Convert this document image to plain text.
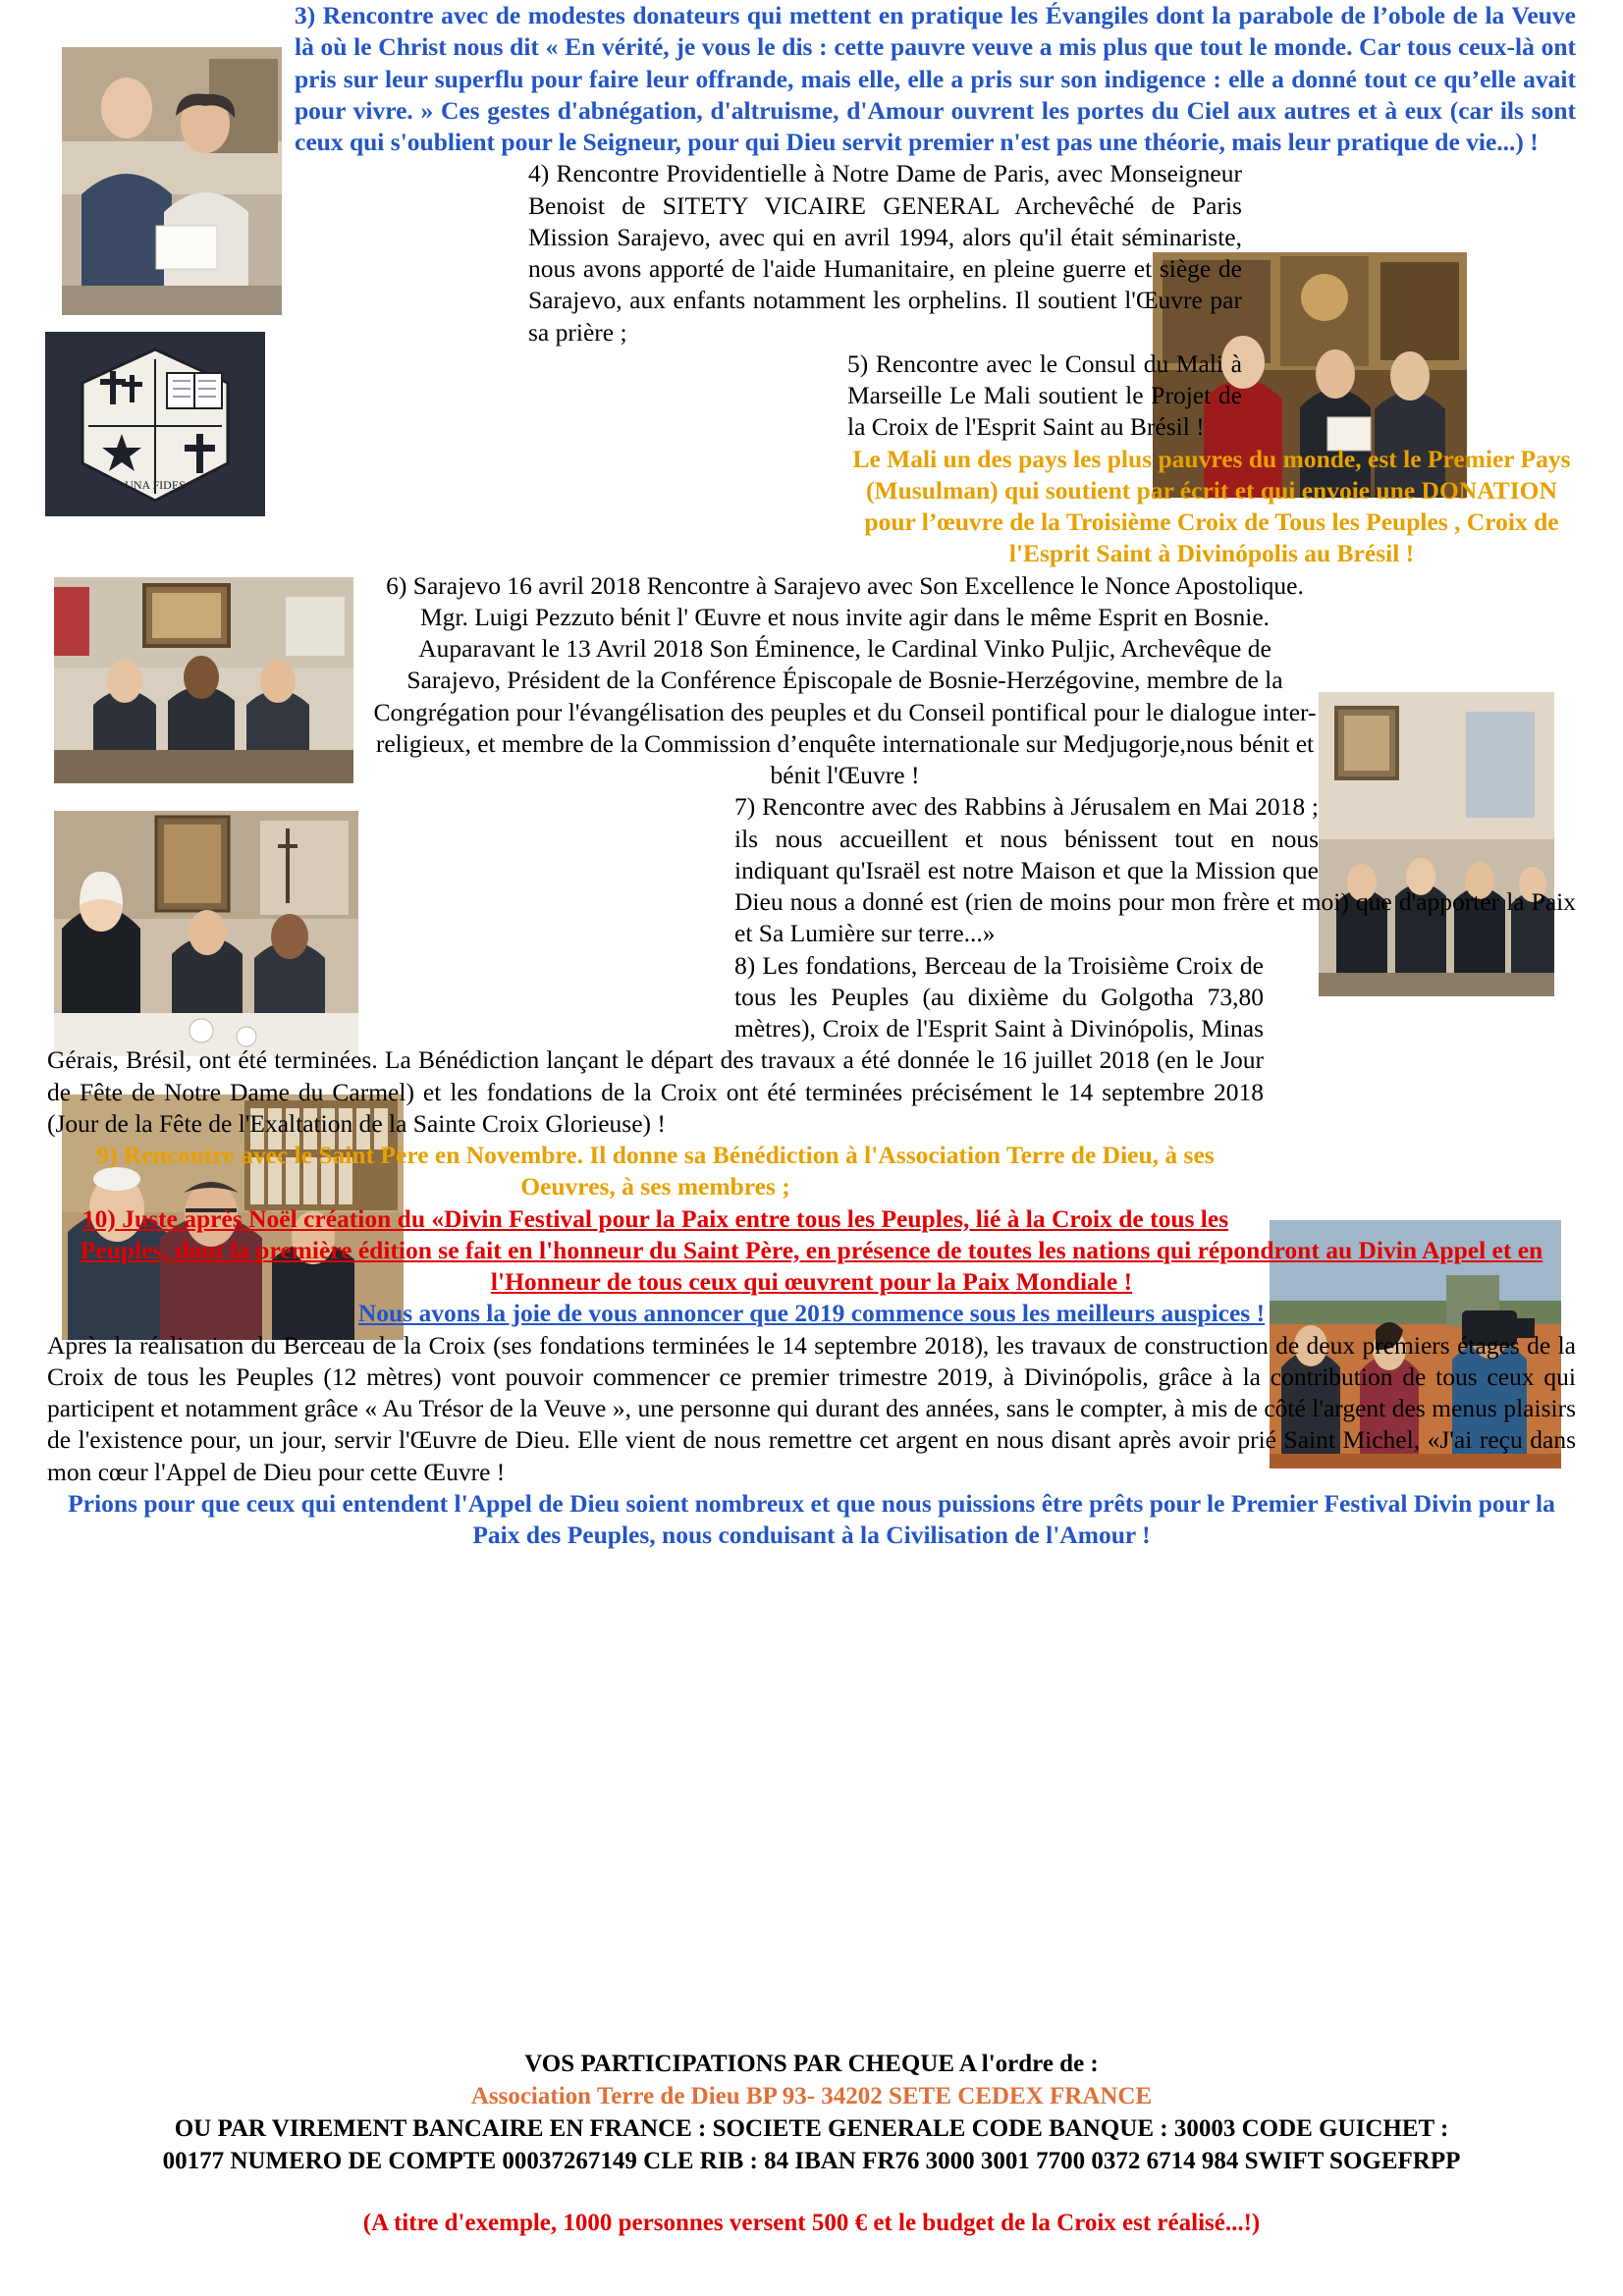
UNA FIDES

3) Rencontre avec de modestes donateurs qui mettent en pratique les Évangiles dont la parabole de l’obole de la Veuve là où le Christ nous dit « En vérité, je vous le dis : cette pauvre veuve a mis plus que tout le monde. Car tous ceux-là ont pris sur leur superflu pour faire leur offrande, mais elle, elle a pris sur son indigence : elle a donné tout ce qu’elle avait pour vivre. » Ces gestes d'abnégation, d'altruisme, d'Amour ouvrent les portes du Ciel aux autres et à eux (car ils sont ceux qui s'oublient pour le Seigneur, pour qui Dieu servit premier n'est pas une théorie, mais leur pratique de vie...) !

4) Rencontre Providentielle à Notre Dame de Paris, avec Monseigneur Benoist de SITETY VICAIRE GENERAL Archevêché de Paris Mission Sarajevo, avec qui en avril 1994, alors qu'il était séminariste, nous avons apporté de l'aide Humanitaire, en pleine guerre et siège de Sarajevo, aux enfants notamment les orphelins. Il soutient l'Œuvre par sa prière ;

5) Rencontre avec le Consul du Mali à Marseille Le Mali soutient le Projet de la Croix de l'Esprit Saint au Brésil !

Le Mali un des pays les plus pauvres du monde, est le Premier Pays (Musulman) qui soutient par écrit et qui envoie une DONATION pour l’œuvre de la Troisième Croix de Tous les Peuples , Croix de l'Esprit Saint à Divinópolis au Brésil !

6) Sarajevo 16 avril 2018 Rencontre à Sarajevo avec Son Excellence le Nonce Apostolique. Mgr. Luigi Pezzuto bénit l' Œuvre et nous invite agir dans le même Esprit en Bosnie. Auparavant le 13 Avril 2018 Son Éminence, le Cardinal Vinko Puljic, Archevêque de Sarajevo, Président de la Conférence Épiscopale de Bosnie-Herzégovine, membre de la Congrégation pour l'évangélisation des peuples et du Conseil pontifical pour le dialogue inter-religieux, et membre de la Commission d’enquête internationale sur Medjugorje,nous bénit et bénit l'Œuvre !

7) Rencontre avec des Rabbins à Jérusalem en Mai 2018 ; ils nous accueillent et nous bénissent tout en nous indiquant qu'Israël est notre Maison et que la Mission que Dieu nous a donné est (rien de moins pour mon frère et moi) que d'apporter la Paix et Sa Lumière sur terre...»

8) Les fondations, Berceau de la Troisième Croix de tous les Peuples (au dixième du Golgotha 73,80 mètres), Croix de l'Esprit Saint à Divinópolis, Minas Gérais, Brésil, ont été terminées. La Bénédiction lançant le départ des travaux a été donnée le 16 juillet 2018 (en le Jour de Fête de Notre Dame du Carmel) et les fondations de la Croix ont été terminées précisément le 14 septembre 2018 (Jour de la Fête de l'Exaltation de la Sainte Croix Glorieuse) !

9) Rencontre avec le Saint Père en Novembre. Il donne sa Bénédiction à l'Association Terre de Dieu, à ses Oeuvres, à ses membres ;

10) Juste après Noël création du «Divin Festival pour la Paix entre tous les Peuples, lié à la Croix de tous les Peuples, dont la première édition se fait en l'honneur du Saint Père, en présence de toutes les nations qui répondront au Divin Appel et en l'Honneur de tous ceux qui œuvrent pour la Paix Mondiale !

Nous avons la joie de vous annoncer que 2019 commence sous les meilleurs auspices !

Après la réalisation du Berceau de la Croix (ses fondations terminées le 14 septembre 2018), les travaux de construction de deux premiers étages de la Croix de tous les Peuples (12 mètres) vont pouvoir commencer ce premier trimestre 2019, à Divinópolis, grâce à la contribution de tous ceux qui participent et notamment grâce « Au Trésor de la Veuve », une personne qui durant des années, sans le compter, à mis de côté l'argent des menus plaisirs de l'existence pour, un jour, servir l'Œuvre de Dieu. Elle vient de nous remettre cet argent en nous disant après avoir prié Saint Michel, «J'ai reçu dans mon cœur l'Appel de Dieu pour cette Œuvre !

Prions pour que ceux qui entendent l'Appel de Dieu soient nombreux et que nous puissions être prêts pour le Premier Festival Divin pour la Paix des Peuples, nous conduisant à la Civilisation de l'Amour !

VOS PARTICIPATIONS PAR CHEQUE A l'ordre de :
Association Terre de Dieu BP 93- 34202 SETE CEDEX FRANCE
OU PAR VIREMENT BANCAIRE EN FRANCE : SOCIETE GENERALE CODE BANQUE : 30003 CODE GUICHET :
00177 NUMERO DE COMPTE 00037267149 CLE RIB : 84 IBAN FR76 3000 3001 7700 0372 6714 984 SWIFT SOGEFRPP
(A titre d'exemple, 1000 personnes versent 500 € et le budget de la Croix est réalisé...!)
